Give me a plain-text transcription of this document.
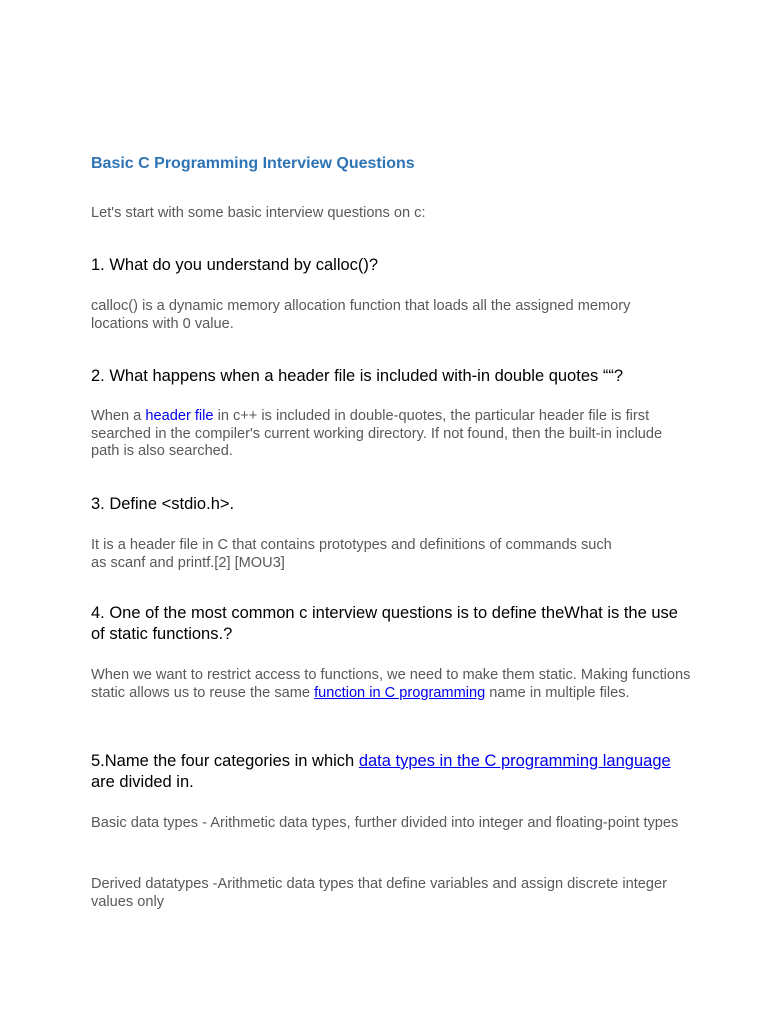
Basic C Programming Interview Questions
Let's start with some basic interview questions on c:
1. What do you understand by calloc()?
calloc() is a dynamic memory allocation function that loads all the assigned memory locations with 0 value.
2. What happens when a header file is included with-in double quotes ““?
When a header file in c++ is included in double-quotes, the particular header file is first searched in the compiler's current working directory. If not found, then the built-in include path is also searched.
3. Define <stdio.h>.
It is a header file in C that contains prototypes and definitions of commands such
as scanf and printf.[2] [MOU3]
4. One of the most common c interview questions is to define theWhat is the use of static functions.?
When we want to restrict access to functions, we need to make them static. Making functions static allows us to reuse the same function in C programming name in multiple files.
5.Name the four categories in which data types in the C programming language are divided in.
Basic data types - Arithmetic data types, further divided into integer and floating-point types
Derived datatypes -Arithmetic data types that define variables and assign discrete integer values only
